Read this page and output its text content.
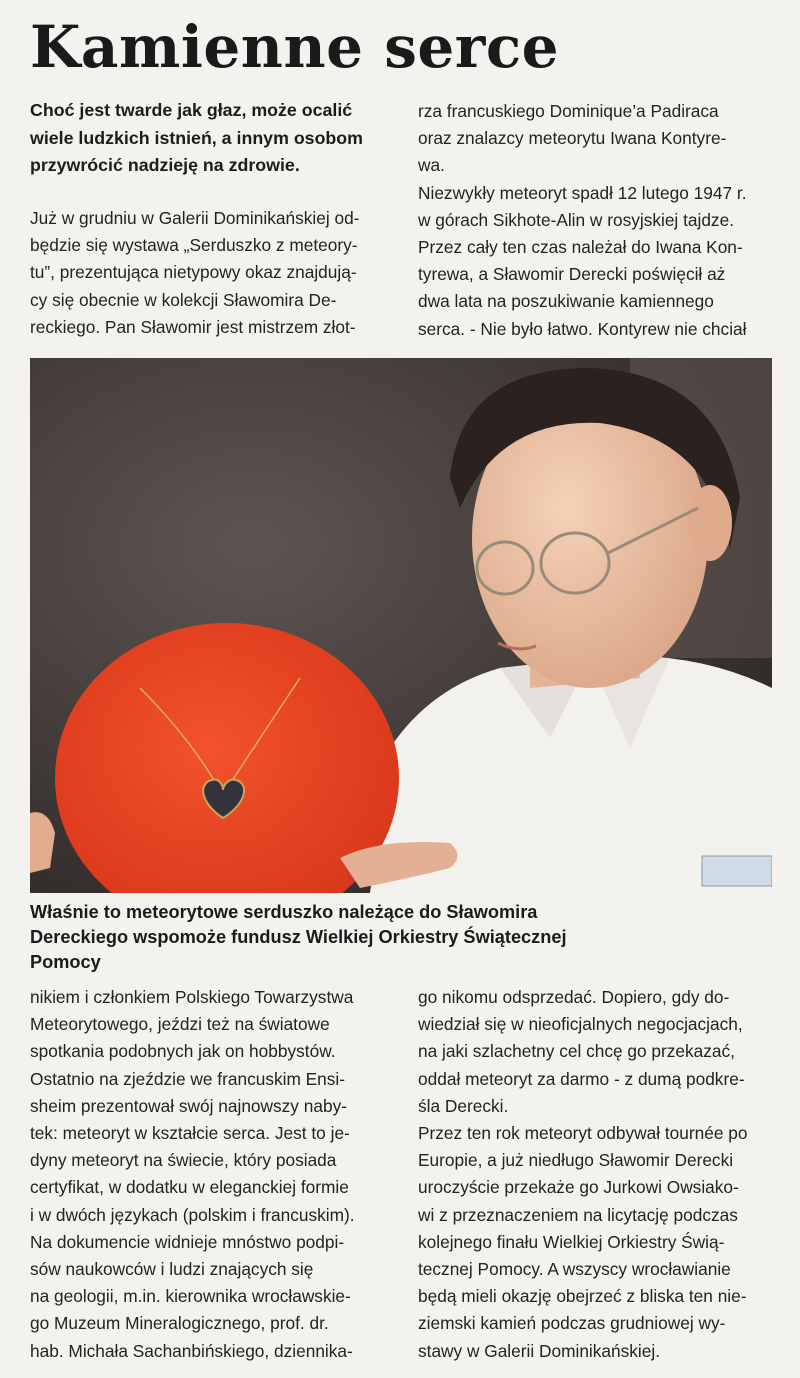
Kamienne serce
Choć jest twarde jak głaz, może ocalić
wiele ludzkich istnień, a innym osobom
przywrócić nadzieję na zdrowie.
Już w grudniu w Galerii Dominikańskiej od-
będzie się wystawa „Serduszko z meteory-
tu”, prezentująca nietypowy okaz znajdują-
cy się obecnie w kolekcji Sławomira De-
reckiego. Pan Sławomir jest mistrzem złot-
rza francuskiego Dominique’a Padiraca
oraz znalazcy meteorytu Iwana Kontyre-
wa.
Niezwykły meteoryt spadł 12 lutego 1947 r.
w górach Sikhote-Alin w rosyjskiej tajdze.
Przez cały ten czas należał do Iwana Kon-
tyrewa, a Sławomir Derecki poświęcił aż
dwa lata na poszukiwanie kamiennego
serca. - Nie było łatwo. Kontyrew nie chciał
Właśnie to meteorytowe serduszko należące do Sławomira
Dereckiego wspomoże fundusz Wielkiej Orkiestry Świątecznej
Pomocy
nikiem i członkiem Polskiego Towarzystwa
Meteorytowego, jeździ też na światowe
spotkania podobnych jak on hobbystów.
Ostatnio na zjeździe we francuskim Ensi-
sheim prezentował swój najnowszy naby-
tek: meteoryt w kształcie serca. Jest to je-
dyny meteoryt na świecie, który posiada
certyfikat, w dodatku w eleganckiej formie
i w dwóch językach (polskim i francuskim).
Na dokumencie widnieje mnóstwo podpi-
sów naukowców i ludzi znających się
na geologii, m.in. kierownika wrocławskie-
go Muzeum Mineralogicznego, prof. dr.
hab. Michała Sachanbińskiego, dziennika-
go nikomu odsprzedać. Dopiero, gdy do-
wiedział się w nieoficjalnych negocjacjach,
na jaki szlachetny cel chcę go przekazać,
oddał meteoryt za darmo - z dumą podkre-
śla Derecki.
Przez ten rok meteoryt odbywał tournée po
Europie, a już niedługo Sławomir Derecki
uroczyście przekaże go Jurkowi Owsiako-
wi z przeznaczeniem na licytację podczas
kolejnego finału Wielkiej Orkiestry Świą-
tecznej Pomocy. A wszyscy wrocławianie
będą mieli okazję obejrzeć z bliska ten nie-
ziemski kamień podczas grudniowej wy-
stawy w Galerii Dominikańskiej.
